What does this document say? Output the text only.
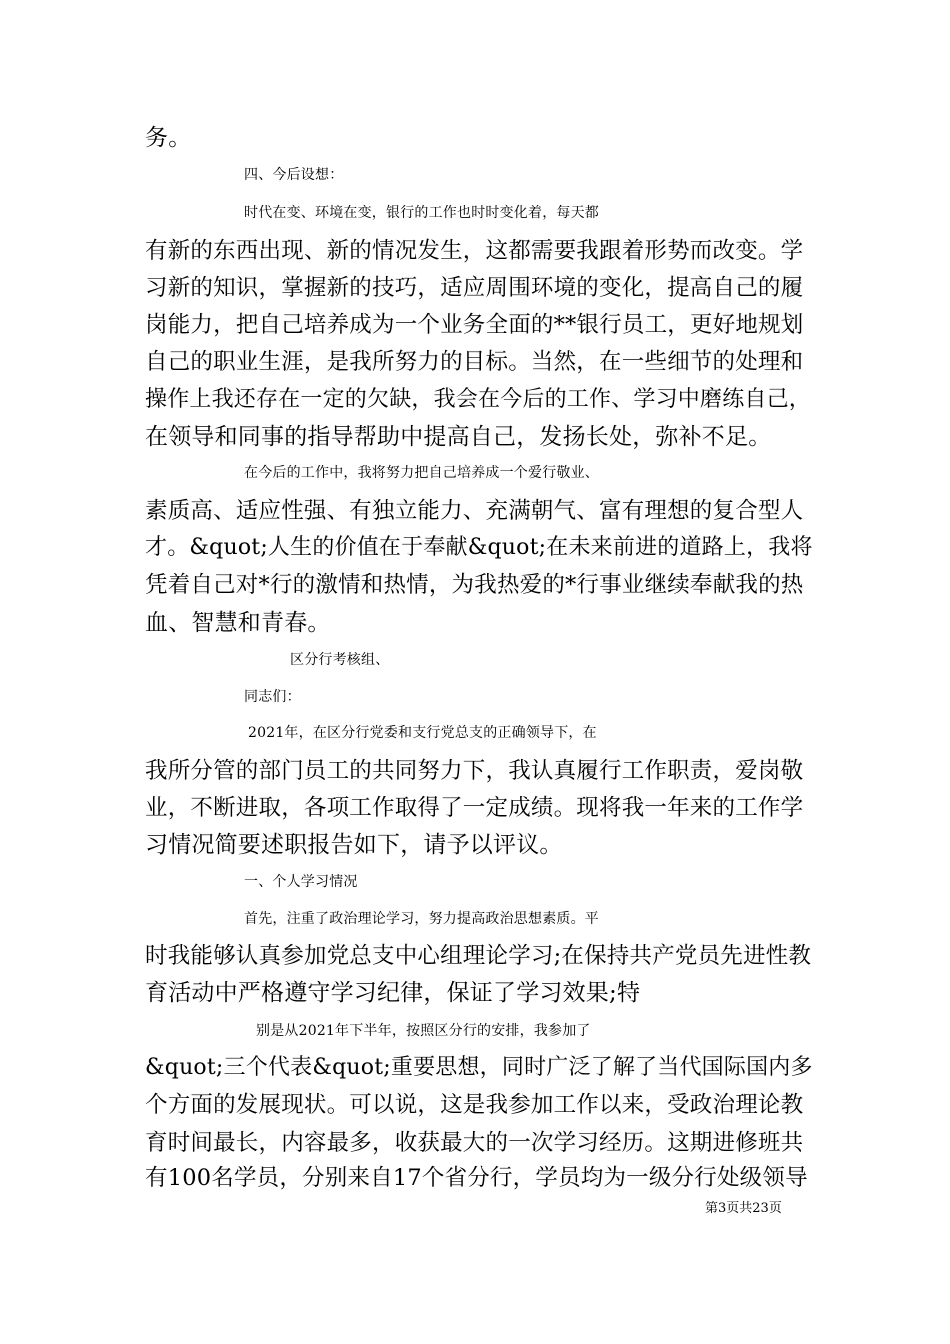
务。
四、今后设想：
时代在变、环境在变，银行的工作也时时变化着，每天都
有新的东西出现、新的情况发生，这都需要我跟着形势而改变。学
习新的知识，掌握新的技巧，适应周围环境的变化，提高自己的履
岗能力，把自己培养成为一个业务全面的**银行员工，更好地规划
自己的职业生涯，是我所努力的目标。当然，在一些细节的处理和
操作上我还存在一定的欠缺，我会在今后的工作、学习中磨练自己，
在领导和同事的指导帮助中提高自己，发扬长处，弥补不足。
在今后的工作中，我将努力把自己培养成一个爱行敬业、
素质高、适应性强、有独立能力、充满朝气、富有理想的复合型人
才。&quot;人生的价值在于奉献&quot;在未来前进的道路上，我将
凭着自己对*行的激情和热情，为我热爱的*行事业继续奉献我的热
血、智慧和青春。
区分行考核组、
同志们：
2021年，在区分行党委和支行党总支的正确领导下，在
我所分管的部门员工的共同努力下，我认真履行工作职责，爱岗敬
业，不断进取，各项工作取得了一定成绩。现将我一年来的工作学
习情况简要述职报告如下，请予以评议。
一、个人学习情况
首先，注重了政治理论学习，努力提高政治思想素质。平
时我能够认真参加党总支中心组理论学习;在保持共产党员先进性教
育活动中严格遵守学习纪律，保证了学习效果;特
别是从2021年下半年，按照区分行的安排，我参加了
&quot;三个代表&quot;重要思想，同时广泛了解了当代国际国内多
个方面的发展现状。可以说，这是我参加工作以来，受政治理论教
育时间最长，内容最多，收获最大的一次学习经历。这期进修班共
有100名学员，分别来自17个省分行，学员均为一级分行处级领导
第3页共23页
